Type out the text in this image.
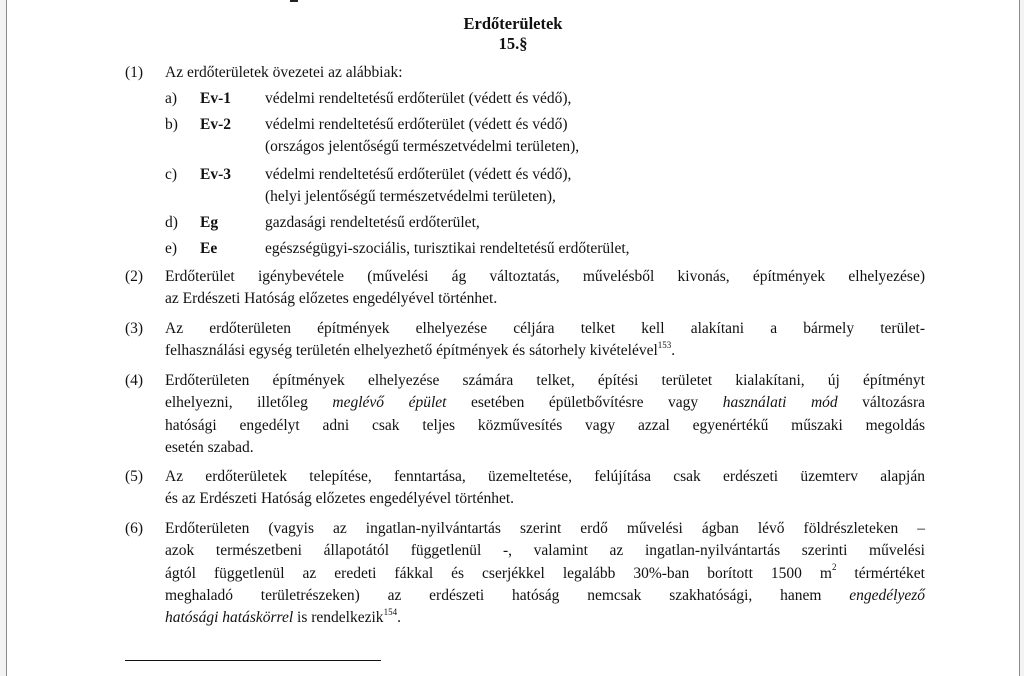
Erdőterületek
15.§
(1) Az erdőterületek övezetei az alábbiak:
a) Ev-1 védelmi rendeltetésű erdőterület (védett és védő),
b) Ev-2 védelmi rendeltetésű erdőterület (védett és védő)
(országos jelentőségű természetvédelmi területen),
c) Ev-3 védelmi rendeltetésű erdőterület (védett és védő),
(helyi jelentőségű természetvédelmi területen),
d) Eg	gazdasági rendeltetésű erdőterület,
e) Ee	egészségügyi-szociális, turisztikai rendeltetésű erdőterület,
(2) Erdőterület igénybevétele (művelési ág változtatás, művelésből kivonás, építmények elhelyezése)
az Erdészeti Hatóság előzetes engedélyével történhet.
(3) Az erdőterületen építmények elhelyezése céljára telket kell alakítani a bármely terület-
felhasználási egység területén elhelyezhető építmények és sátorhely kivételével$^{153}$.
(4) Erdőterületen építmények elhelyezése számára telket, építési területet kialakítani, új építményt
elhelyezni, illetőleg meglévő épület esetében épületbővítésre vagy használati mód változásra
hatósági engedélyt adni csak teljes közművesítés vagy azzal egyenértékű műszaki megoldás
esetén szabad.
(5) Az erdőterületek telepítése, fenntartása, üzemeltetése, felújítása csak erdészeti üzemterv alapján
és az Erdészeti Hatóság előzetes engedélyével történhet.
(6) Erdőterületen (vagyis az ingatlan-nyilvántartás szerint erdő művelési ágban lévő földrészleteken –
azok természetbeni állapotától függetlenül -, valamint az ingatlan-nyilvántartás szerinti művelési
ágtól függetlenül az eredeti fákkal és cserjékkel legalább 30%-ban borított 1500 $m^2$ térmértéket
meghaladó területrészeken) az erdészeti hatóság nemcsak szakhatósági, hanem engedélyező
hatósági hatáskörrel is rendelkezik$^{154}$.
